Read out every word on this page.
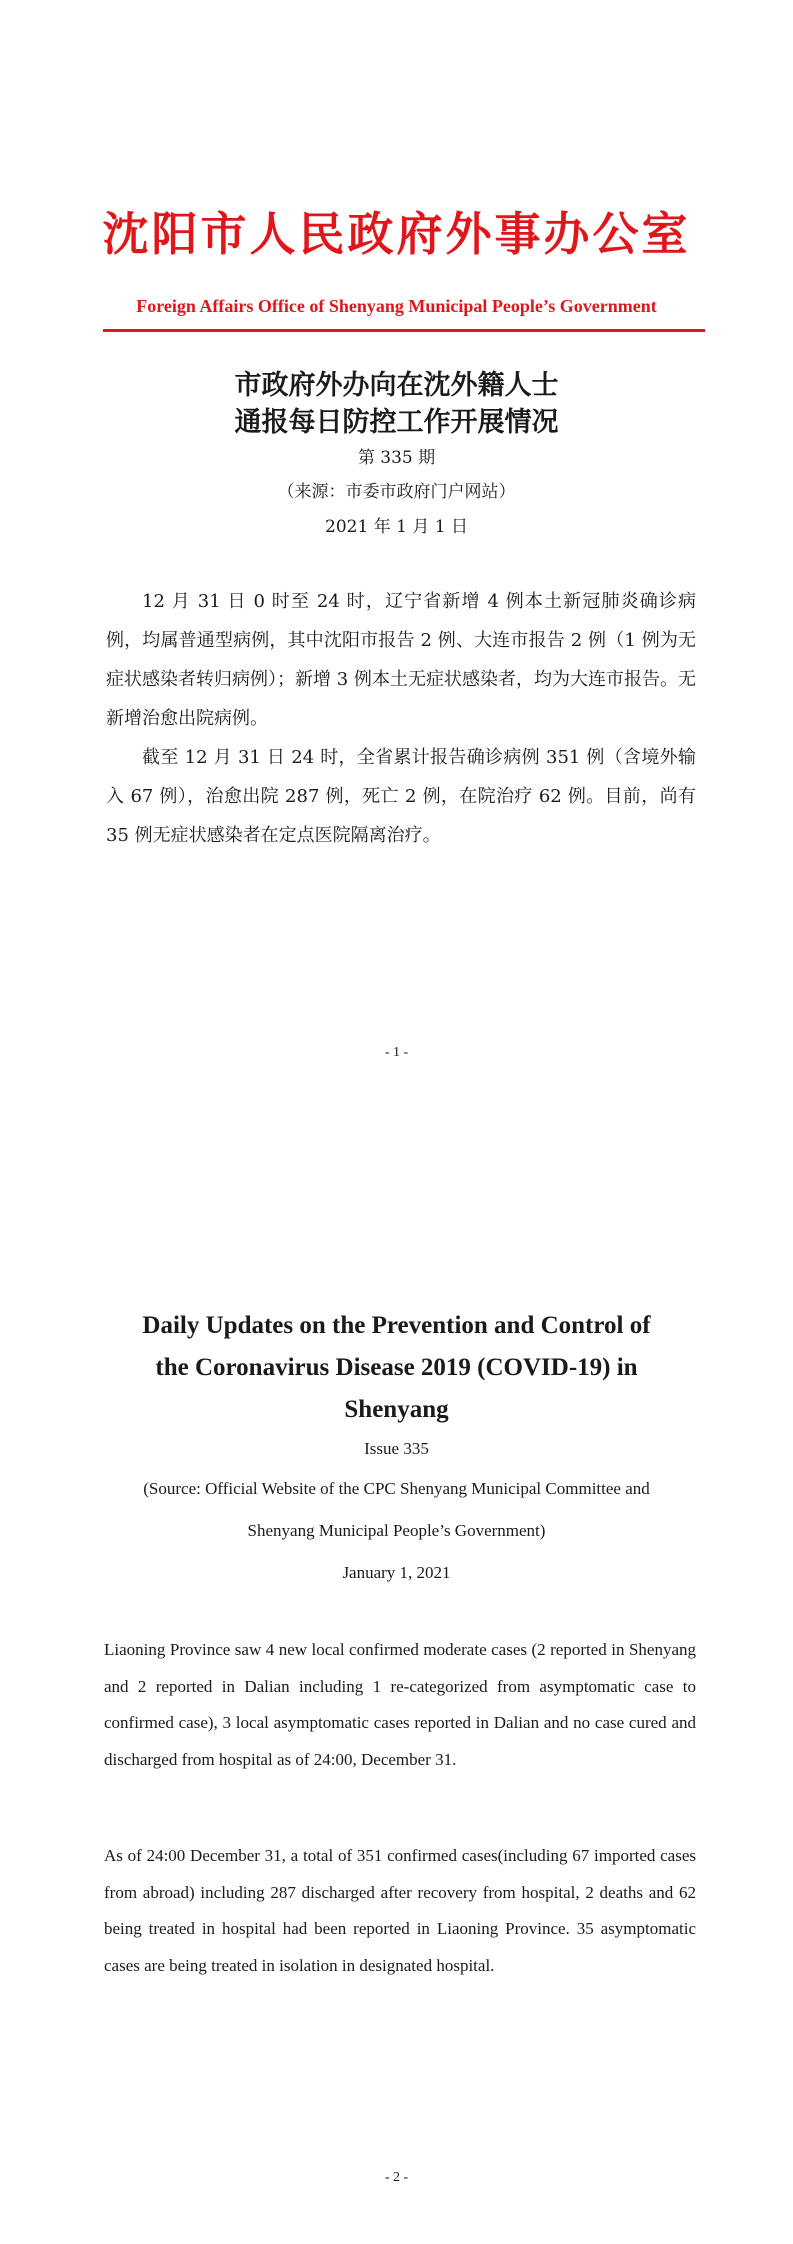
沈阳市人民政府外事办公室
Foreign Affairs Office of Shenyang Municipal People’s Government
市政府外办向在沈外籍人士
通报每日防控工作开展情况
第 335 期
（来源：市委市政府门户网站）
2021 年 1 月 1 日

12 月 31 日 0 时至 24 时，辽宁省新增 4 例本土新冠肺炎确诊病例，均属普通型病例，其中沈阳市报告 2 例、大连市报告 2 例（1 例为无症状感染者转归病例）；新增 3 例本土无症状感染者，均为大连市报告。无新增治愈出院病例。

截至 12 月 31 日 24 时，全省累计报告确诊病例 351 例（含境外输入 67 例），治愈出院 287 例，死亡 2 例，在院治疗 62 例。目前，尚有 35 例无症状感染者在定点医院隔离治疗。

- 1 -
Daily Updates on the Prevention and Control of
the Coronavirus Disease 2019 (COVID-19) in
Shenyang
Issue 335
(Source: Official Website of the CPC Shenyang Municipal Committee and
Shenyang Municipal People’s Government)
January 1, 2021

Liaoning Province saw 4 new local confirmed moderate cases (2 reported in Shenyang and 2 reported in Dalian including 1 re-categorized from asymptomatic case to confirmed case), 3 local asymptomatic cases reported in Dalian and no case cured and discharged from hospital as of 24:00, December 31.

As of 24:00 December 31, a total of 351 confirmed cases(including 67 imported cases from abroad) including 287 discharged after recovery from hospital, 2 deaths and 62 being treated in hospital had been reported in Liaoning Province. 35 asymptomatic cases are being treated in isolation in designated hospital.

- 2 -
